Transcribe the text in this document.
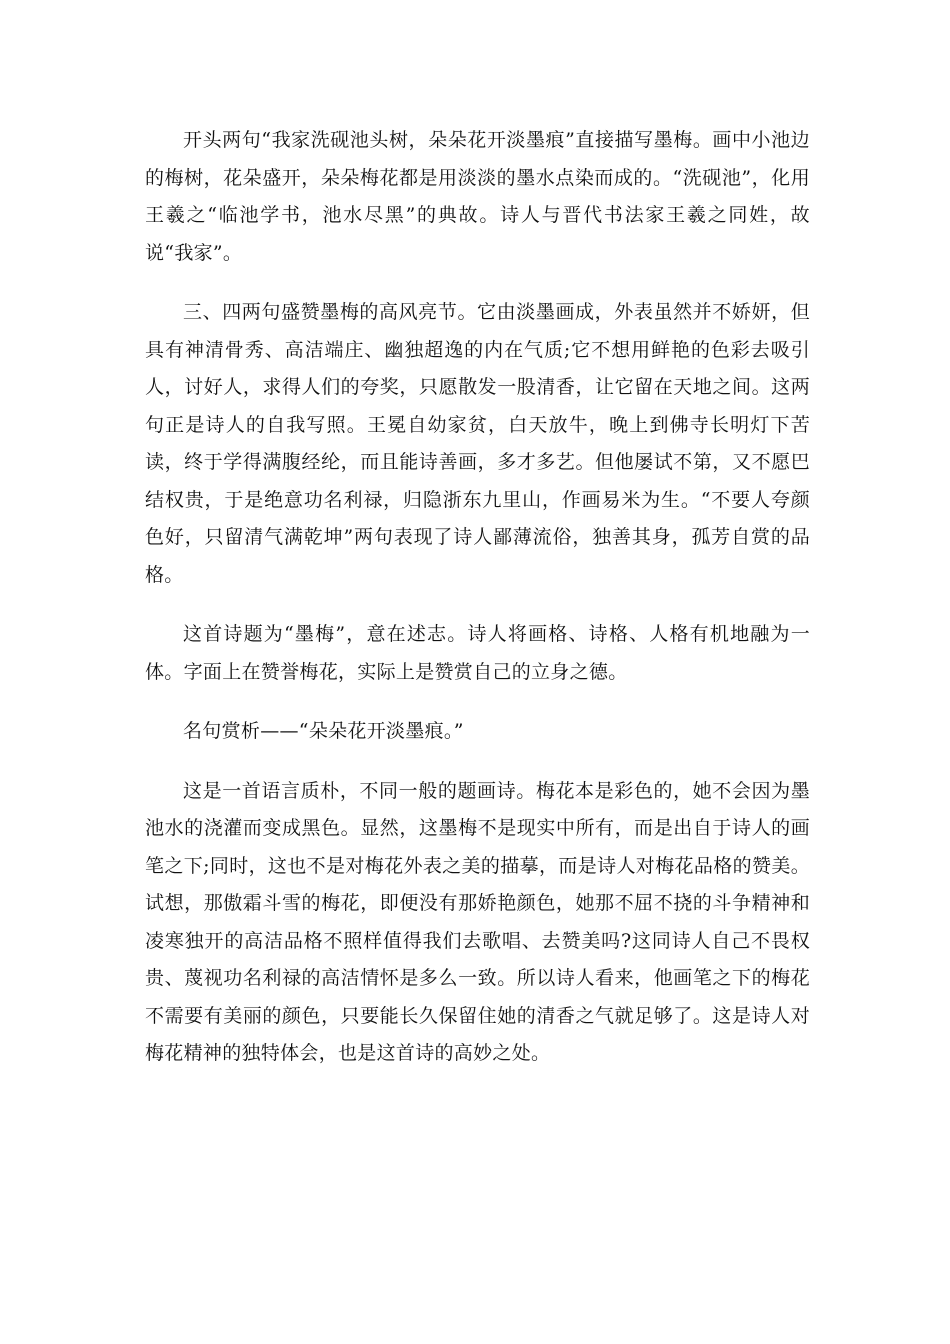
开头两句“我家洗砚池头树，朵朵花开淡墨痕”直接描写墨梅。画中小池边的梅树，花朵盛开，朵朵梅花都是用淡淡的墨水点染而成的。“洗砚池”，化用王羲之“临池学书，池水尽黑”的典故。诗人与晋代书法家王羲之同姓，故说“我家”。

三、四两句盛赞墨梅的高风亮节。它由淡墨画成，外表虽然并不娇妍，但具有神清骨秀、高洁端庄、幽独超逸的内在气质;它不想用鲜艳的色彩去吸引人，讨好人，求得人们的夸奖，只愿散发一股清香，让它留在天地之间。这两句正是诗人的自我写照。王冕自幼家贫，白天放牛，晚上到佛寺长明灯下苦读，终于学得满腹经纶，而且能诗善画，多才多艺。但他屡试不第，又不愿巴结权贵，于是绝意功名利禄，归隐浙东九里山，作画易米为生。“不要人夸颜色好，只留清气满乾坤”两句表现了诗人鄙薄流俗，独善其身，孤芳自赏的品格。

这首诗题为“墨梅”，意在述志。诗人将画格、诗格、人格有机地融为一体。字面上在赞誉梅花，实际上是赞赏自己的立身之德。

名句赏析——“朵朵花开淡墨痕。”

这是一首语言质朴，不同一般的题画诗。梅花本是彩色的，她不会因为墨池水的浇灌而变成黑色。显然，这墨梅不是现实中所有，而是出自于诗人的画笔之下;同时，这也不是对梅花外表之美的描摹，而是诗人对梅花品格的赞美。试想，那傲霜斗雪的梅花，即便没有那娇艳颜色，她那不屈不挠的斗争精神和凌寒独开的高洁品格不照样值得我们去歌唱、去赞美吗?这同诗人自己不畏权贵、蔑视功名利禄的高洁情怀是多么一致。所以诗人看来，他画笔之下的梅花不需要有美丽的颜色，只要能长久保留住她的清香之气就足够了。这是诗人对梅花精神的独特体会，也是这首诗的高妙之处。
